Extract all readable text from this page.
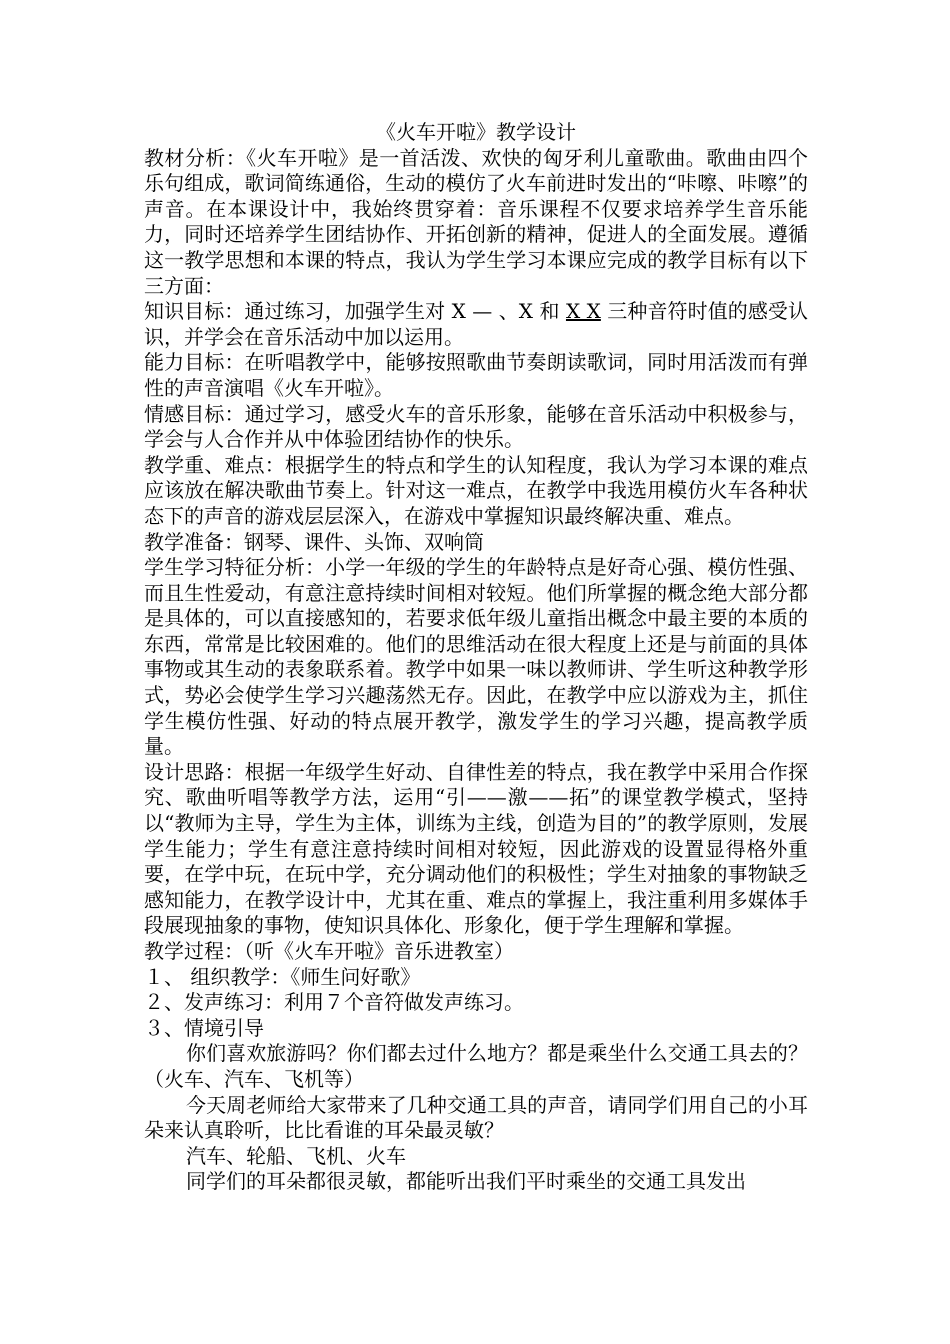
《火车开啦》教学设计

教材分析：《火车开啦》是一首活泼、欢快的匈牙利儿童歌曲。歌曲由四个乐句组成，歌词简练通俗，生动的模仿了火车前进时发出的“咔嚓、咔嚓”的声音。在本课设计中，我始终贯穿着：音乐课程不仅要求培养学生音乐能力，同时还培养学生团结协作、开拓创新的精神，促进人的全面发展。遵循这一教学思想和本课的特点，我认为学生学习本课应完成的教学目标有以下三方面：

知识目标：通过练习，加强学生对 X — 、X 和 X X 三种音符时值的感受认识，并学会在音乐活动中加以运用。

能力目标：在听唱教学中，能够按照歌曲节奏朗读歌词，同时用活泼而有弹性的声音演唱《火车开啦》。

情感目标：通过学习，感受火车的音乐形象，能够在音乐活动中积极参与，学会与人合作并从中体验团结协作的快乐。

教学重、难点：根据学生的特点和学生的认知程度，我认为学习本课的难点应该放在解决歌曲节奏上。针对这一难点，在教学中我选用模仿火车各种状态下的声音的游戏层层深入，在游戏中掌握知识最终解决重、难点。

教学准备：钢琴、课件、头饰、双响筒

学生学习特征分析：小学一年级的学生的年龄特点是好奇心强、模仿性强、而且生性爱动，有意注意持续时间相对较短。他们所掌握的概念绝大部分都是具体的，可以直接感知的，若要求低年级儿童指出概念中最主要的本质的东西，常常是比较困难的。他们的思维活动在很大程度上还是与前面的具体事物或其生动的表象联系着。教学中如果一味以教师讲、学生听这种教学形式，势必会使学生学习兴趣荡然无存。因此，在教学中应以游戏为主，抓住学生模仿性强、好动的特点展开教学，激发学生的学习兴趣，提高教学质量。

设计思路：根据一年级学生好动、自律性差的特点，我在教学中采用合作探究、歌曲听唱等教学方法，运用“引——激——拓”的课堂教学模式，坚持以“教师为主导，学生为主体，训练为主线，创造为目的”的教学原则，发展学生能力；学生有意注意持续时间相对较短，因此游戏的设置显得格外重要，在学中玩，在玩中学，充分调动他们的积极性；学生对抽象的事物缺乏感知能力，在教学设计中，尤其在重、难点的掌握上，我注重利用多媒体手段展现抽象的事物，使知识具体化、形象化，便于学生理解和掌握。

教学过程：（听《火车开啦》音乐进教室）

１、 组织教学：《师生问好歌》

２、发声练习：利用７个音符做发声练习。

３、情境引导

你们喜欢旅游吗？你们都去过什么地方？都是乘坐什么交通工具去的？（火车、汽车、飞机等）

今天周老师给大家带来了几种交通工具的声音，请同学们用自己的小耳朵来认真聆听，比比看谁的耳朵最灵敏？

汽车、轮船、飞机、火车

同学们的耳朵都很灵敏，都能听出我们平时乘坐的交通工具发出
